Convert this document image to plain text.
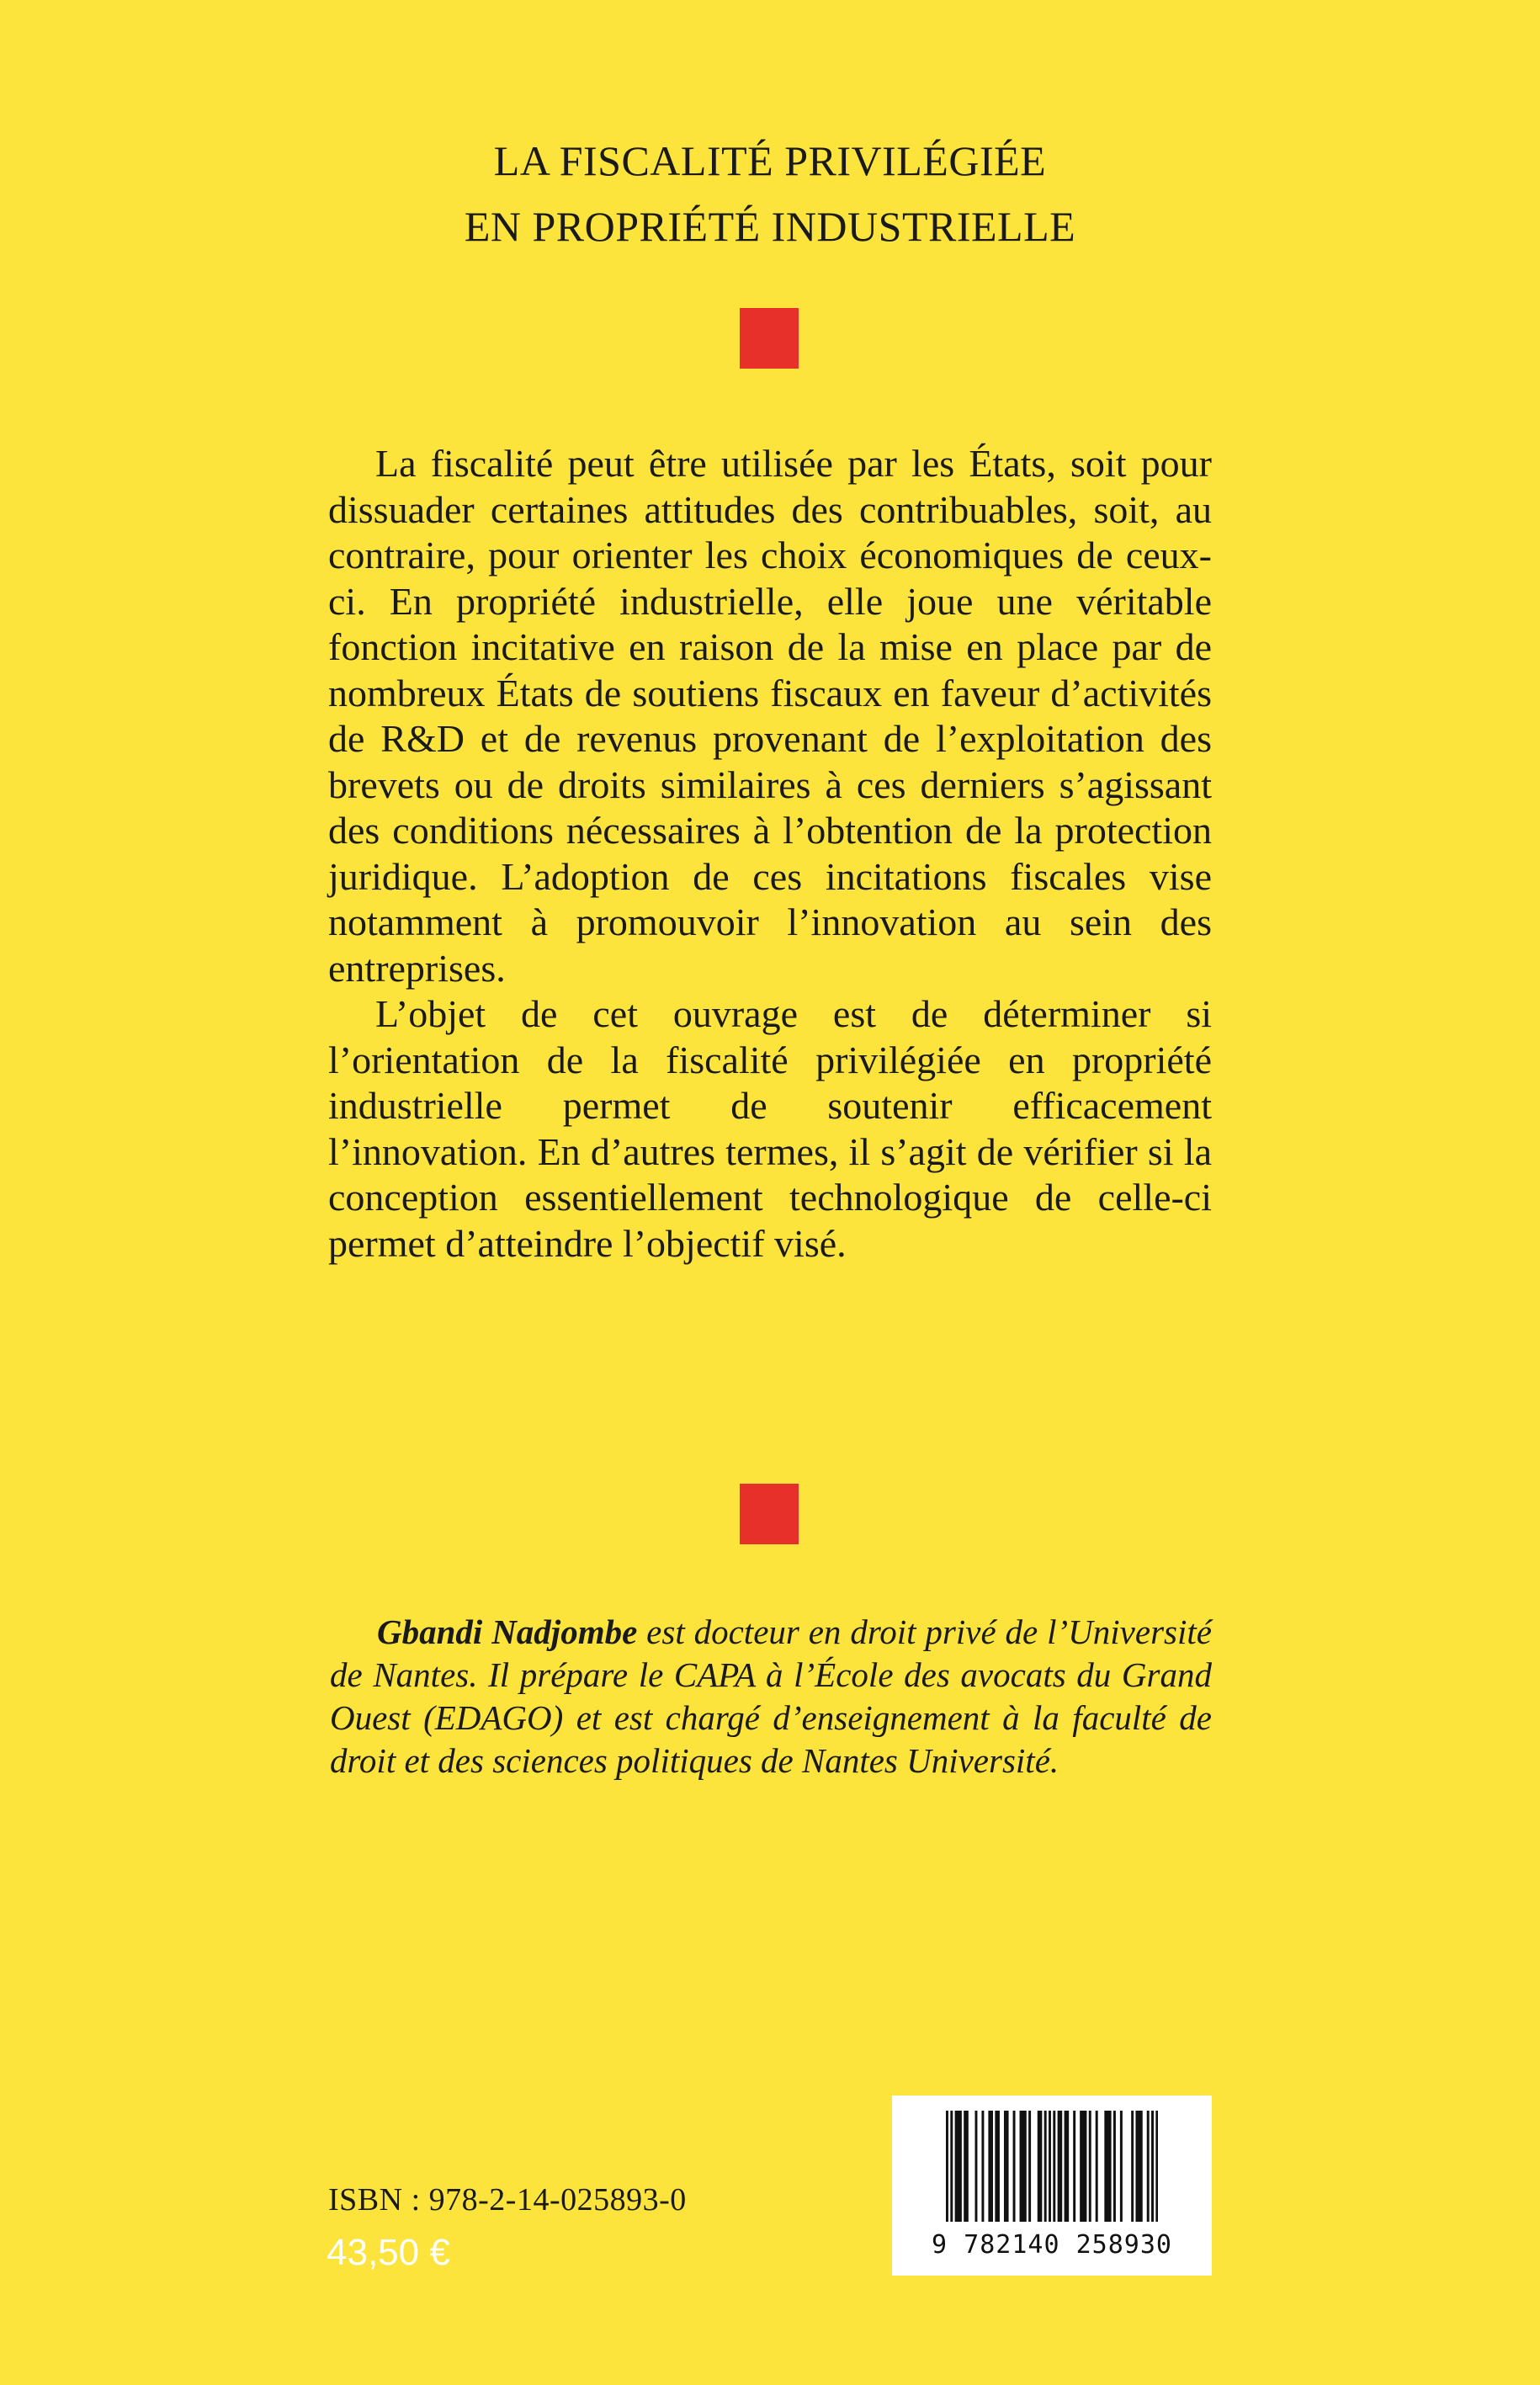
LA FISCALITÉ PRIVILÉGIÉE
EN PROPRIÉTÉ INDUSTRIELLE

La fiscalité peut être utilisée par les États, soit pour dissuader certaines attitudes des contribuables, soit, au contraire, pour orienter les choix économiques de ceux-ci. En propriété industrielle, elle joue une véritable fonction incitative en raison de la mise en place par de nombreux États de soutiens fiscaux en faveur d’activités de R&D et de revenus provenant de l’exploitation des brevets ou de droits similaires à ces derniers s’agissant des conditions nécessaires à l’obtention de la protection juridique. L’adoption de ces incitations fiscales vise notamment à promouvoir l’innovation au sein des entreprises.

L’objet de cet ouvrage est de déterminer si l’orientation de la fiscalité privilégiée en propriété industrielle permet de soutenir efficacement l’innovation. En d’autres termes, il s’agit de vérifier si la conception essentiellement technologique de celle-ci permet d’atteindre l’objectif visé.

Gbandi Nadjombe est docteur en droit privé de l’Université de Nantes. Il prépare le CAPA à l’École des avocats du Grand Ouest (EDAGO) et est chargé d’enseignement à la faculté de droit et des sciences politiques de Nantes Université.

ISBN : 978-2-14-025893-0
43,50 €	9 782140 258930
